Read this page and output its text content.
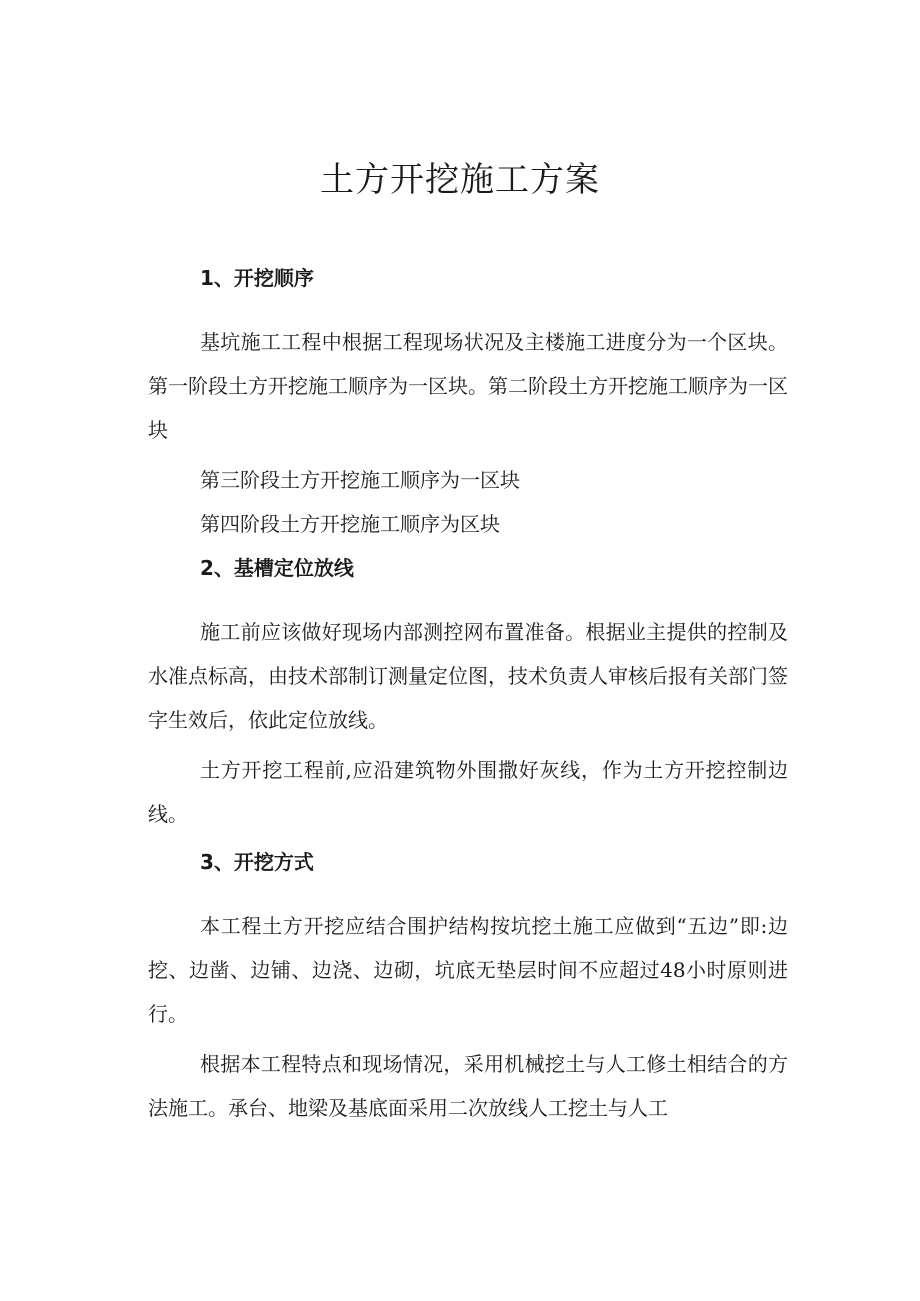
土方开挖施工方案

1、开挖顺序

基坑施工工程中根据工程现场状况及主楼施工进度分为一个区块。第一阶段土方开挖施工顺序为一区块。第二阶段土方开挖施工顺序为一区块

第三阶段土方开挖施工顺序为一区块

第四阶段土方开挖施工顺序为区块

2、基槽定位放线

施工前应该做好现场内部测控网布置准备。根据业主提供的控制及水准点标高，由技术部制订测量定位图，技术负责人审核后报有关部门签字生效后，依此定位放线。

土方开挖工程前,应沿建筑物外围撒好灰线，作为土方开挖控制边线。

3、开挖方式

本工程土方开挖应结合围护结构按坑挖土施工应做到“五边”即:边挖、边凿、边铺、边浇、边砌，坑底无垫层时间不应超过48小时原则进行。

根据本工程特点和现场情况，采用机械挖土与人工修土相结合的方法施工。承台、地梁及基底面采用二次放线人工挖土与人工
